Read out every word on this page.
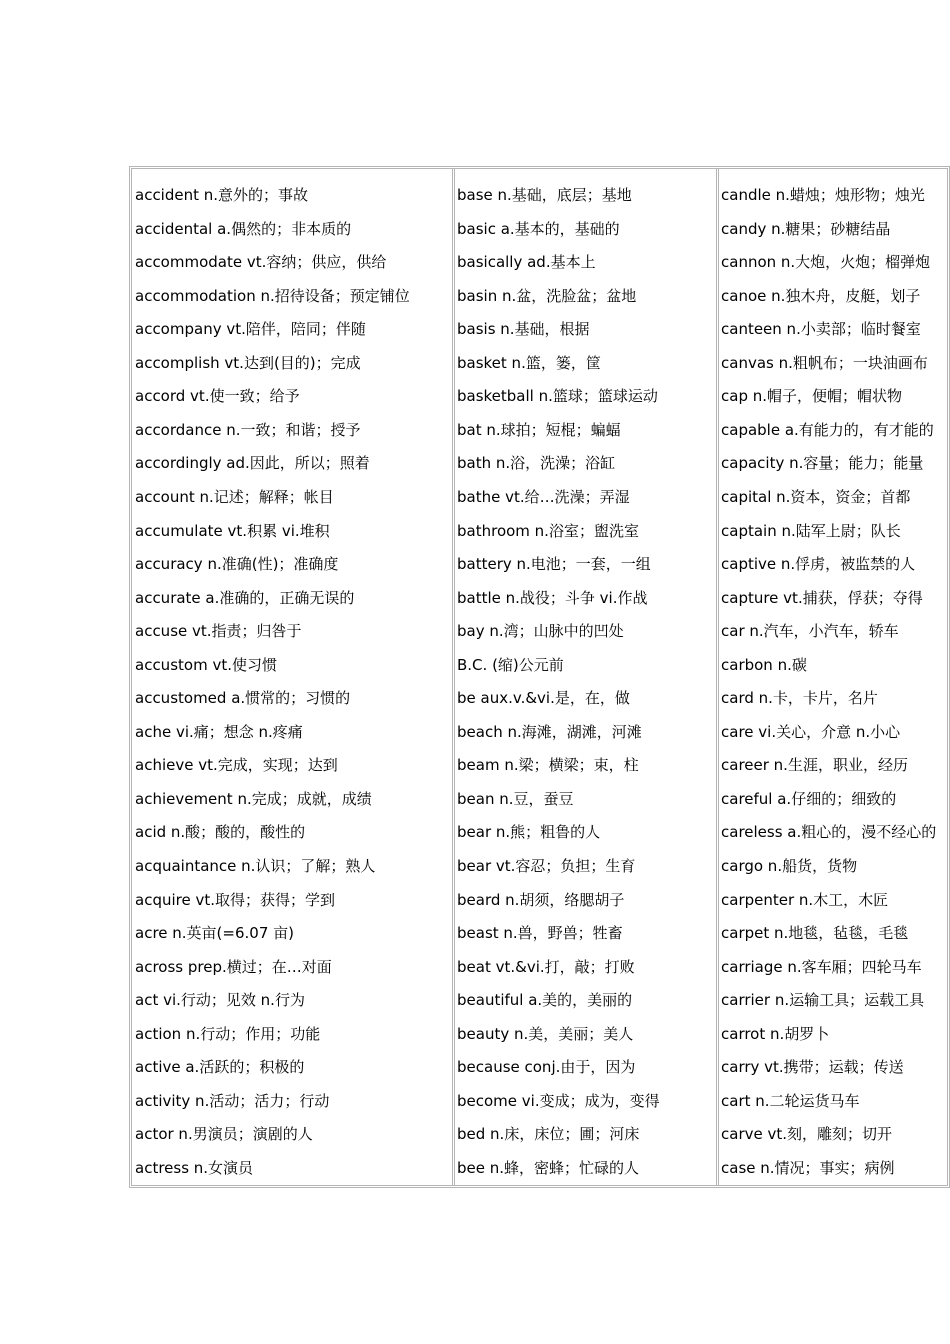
accident n.意外的；事故
accidental a.偶然的；非本质的
accommodate vt.容纳；供应，供给
accommodation n.招待设备；预定铺位
accompany vt.陪伴，陪同；伴随
accomplish vt.达到(目的)；完成
accord vt.使一致；给予
accordance n.一致；和谐；授予
accordingly ad.因此，所以；照着
account n.记述；解释；帐目
accumulate vt.积累 vi.堆积
accuracy n.准确(性)；准确度
accurate a.准确的，正确无误的
accuse vt.指责；归咎于
accustom vt.使习惯
accustomed a.惯常的；习惯的
ache vi.痛；想念 n.疼痛
achieve vt.完成，实现；达到
achievement n.完成；成就，成绩
acid n.酸；酸的，酸性的
acquaintance n.认识；了解；熟人
acquire vt.取得；获得；学到
acre n.英亩(=6.07 亩)
across prep.横过；在…对面
act vi.行动；见效 n.行为
action n.行动；作用；功能
active a.活跃的；积极的
activity n.活动；活力；行动
actor n.男演员；演剧的人
actress n.女演员
base n.基础，底层；基地
basic a.基本的，基础的
basically ad.基本上
basin n.盆，洗脸盆；盆地
basis n.基础，根据
basket n.篮，篓，筐
basketball n.篮球；篮球运动
bat n.球拍；短棍；蝙蝠
bath n.浴，洗澡；浴缸
bathe vt.给…洗澡；弄湿
bathroom n.浴室；盥洗室
battery n.电池；一套，一组
battle n.战役；斗争 vi.作战
bay n.湾；山脉中的凹处
B.C. (缩)公元前
be aux.v.&vi.是，在，做
beach n.海滩，湖滩，河滩
beam n.梁；横梁；束，柱
bean n.豆，蚕豆
bear n.熊；粗鲁的人
bear vt.容忍；负担；生育
beard n.胡须，络腮胡子
beast n.兽，野兽；牲畜
beat vt.&vi.打，敲；打败
beautiful a.美的，美丽的
beauty n.美，美丽；美人
because conj.由于，因为
become vi.变成；成为，变得
bed n.床，床位；圃；河床
bee n.蜂，密蜂；忙碌的人
candle n.蜡烛；烛形物；烛光
candy n.糖果；砂糖结晶
cannon n.大炮，火炮；榴弹炮
canoe n.独木舟，皮艇，划子
canteen n.小卖部；临时餐室
canvas n.粗帆布；一块油画布
cap n.帽子，便帽；帽状物
capable a.有能力的，有才能的
capacity n.容量；能力；能量
capital n.资本，资金；首都
captain n.陆军上尉；队长
captive n.俘虏，被监禁的人
capture vt.捕获，俘获；夺得
car n.汽车，小汽车，轿车
carbon n.碳
card n.卡，卡片，名片
care vi.关心，介意 n.小心
career n.生涯，职业，经历
careful a.仔细的；细致的
careless a.粗心的，漫不经心的
cargo n.船货，货物
carpenter n.木工，木匠
carpet n.地毯，毡毯，毛毯
carriage n.客车厢；四轮马车
carrier n.运输工具；运载工具
carrot n.胡罗卜
carry vt.携带；运载；传送
cart n.二轮运货马车
carve vt.刻，雕刻；切开
case n.情况；事实；病例
